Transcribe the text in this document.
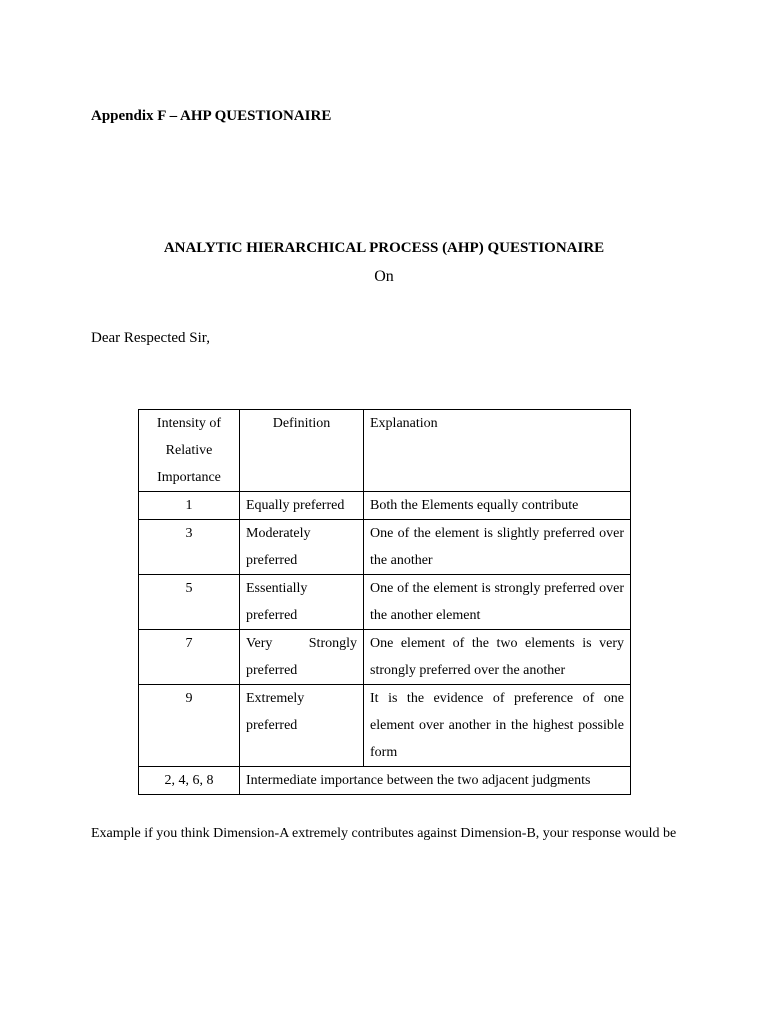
Appendix F – AHP QUESTIONAIRE

ANALYTIC HIERARCHICAL PROCESS (AHP) QUESTIONAIRE

On

Dear Respected Sir,

Intensity of Relative Importance	Definition	Explanation
1	Equally preferred	Both the Elements equally contribute
3	Moderately preferred	One of the element is slightly preferred over the another
5	Essentially preferred	One of the element is strongly preferred over the another element
7	Very Strongly preferred	One element of the two elements is very strongly preferred over the another
9	Extremely preferred	It is the evidence of preference of one element over another in the highest possible form
2, 4, 6, 8	Intermediate importance between the two adjacent judgments	

Example if you think Dimension-A extremely contributes against Dimension-B, your response would be
